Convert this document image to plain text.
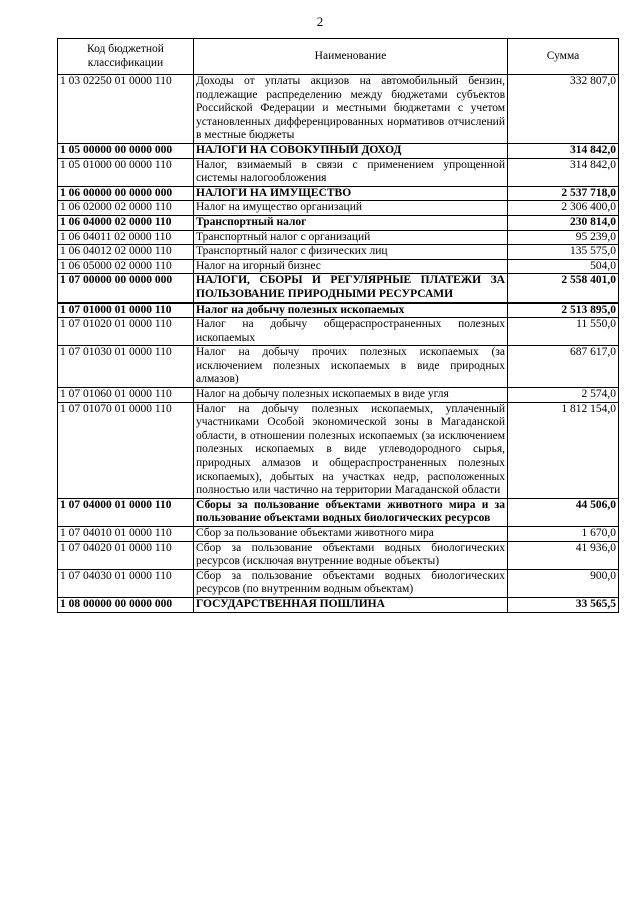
2
Код бюджетной классификации	Наименование	Сумма
1 03 02250 01 0000 110	Доходы от уплаты акцизов на автомобильный бензин, подлежащие распределению между бюджетами субъектов Российской Федерации и местными бюджетами с учетом установленных дифференцированных нормативов отчислений в местные бюджеты	332 807,0
1 05 00000 00 0000 000	НАЛОГИ НА СОВОКУПНЫЙ ДОХОД	314 842,0
1 05 01000 00 0000 110	Налог, взимаемый в связи с применением упрощенной системы налогообложения	314 842,0
1 06 00000 00 0000 000	НАЛОГИ НА ИМУЩЕСТВО	2 537 718,0
1 06 02000 02 0000 110	Налог на имущество организаций	2 306 400,0
1 06 04000 02 0000 110	Транспортный налог	230 814,0
1 06 04011 02 0000 110	Транспортный налог с организаций	95 239,0
1 06 04012 02 0000 110	Транспортный налог с физических лиц	135 575,0
1 06 05000 02 0000 110	Налог на игорный бизнес	504,0
1 07 00000 00 0000 000	НАЛОГИ, СБОРЫ И РЕГУЛЯРНЫЕ ПЛАТЕЖИ ЗА ПОЛЬЗОВАНИЕ ПРИРОДНЫМИ РЕСУРСАМИ	2 558 401,0
1 07 01000 01 0000 110	Налог на добычу полезных ископаемых	2 513 895,0
1 07 01020 01 0000 110	Налог на добычу общераспространенных полезных ископаемых	11 550,0
1 07 01030 01 0000 110	Налог на добычу прочих полезных ископаемых (за исключением полезных ископаемых в виде природных алмазов)	687 617,0
1 07 01060 01 0000 110	Налог на добычу полезных ископаемых в виде угля	2 574,0
1 07 01070 01 0000 110	Налог на добычу полезных ископаемых, уплаченный участниками Особой экономической зоны в Магаданской области, в отношении полезных ископаемых (за исключением полезных ископаемых в виде углеводородного сырья, природных алмазов и общераспространенных полезных ископаемых), добытых на участках недр, расположенных полностью или частично на территории Магаданской области	1 812 154,0
1 07 04000 01 0000 110	Сборы за пользование объектами животного мира и за пользование объектами водных биологических ресурсов	44 506,0
1 07 04010 01 0000 110	Сбор за пользование объектами животного мира	1 670,0
1 07 04020 01 0000 110	Сбор за пользование объектами водных биологических ресурсов (исключая внутренние водные объекты)	41 936,0
1 07 04030 01 0000 110	Сбор за пользование объектами водных биологических ресурсов (по внутренним водным объектам)	900,0
1 08 00000 00 0000 000	ГОСУДАРСТВЕННАЯ ПОШЛИНА	33 565,5
